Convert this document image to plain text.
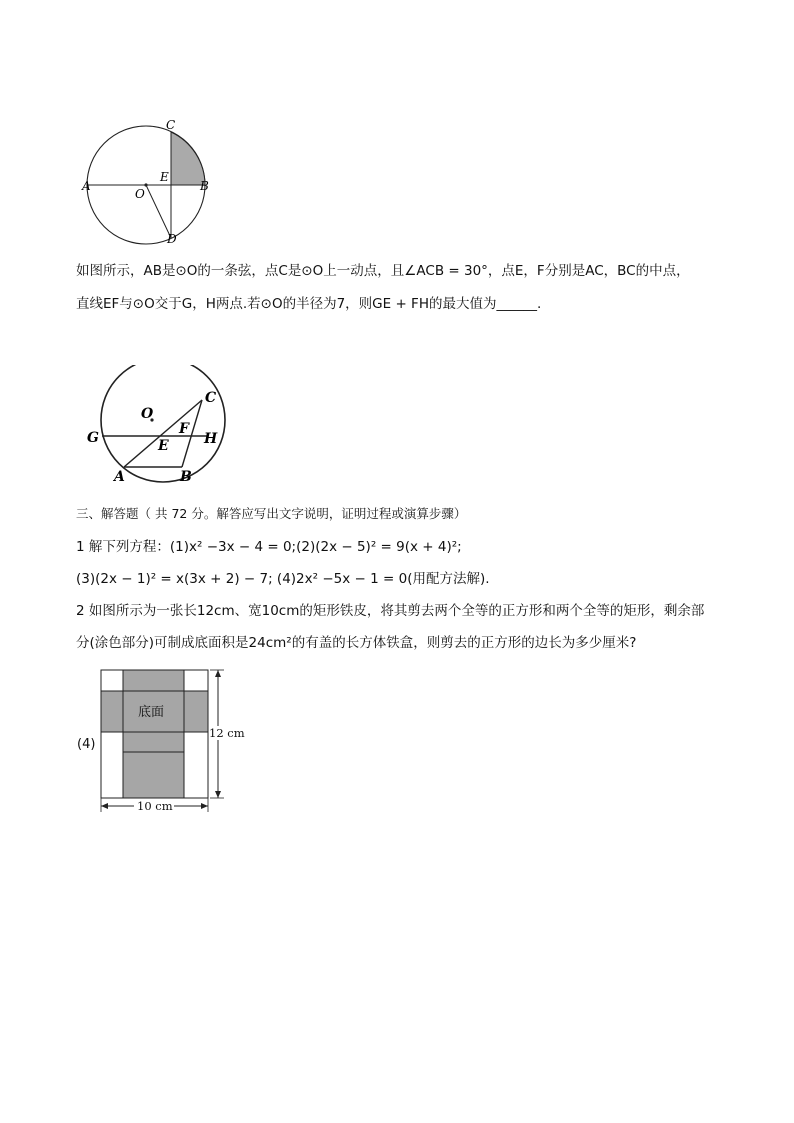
A	B
C
D
E
O
如图所示，AB是⊙O的一条弦，点C是⊙O上一动点，且∠ACB = 30°，点E，F分别是AC，BC的中点，
直线EF与⊙O交于G，H两点.若⊙O的半径为7，则GE + FH的最大值为______.
O
C
G	E
F
H
A	B
三、解答题（ 共 72 分。解答应写出文字说明，证明过程或演算步骤）
1 解下列方程：(1)x² −3x − 4 = 0;(2)(2x − 5)² = 9(x + 4)²;
(3)(2x − 1)² = x(3x + 2) − 7; (4)2x² −5x − 1 = 0(用配方法解).
2 如图所示为一张长12cm、宽10cm的矩形铁皮，将其剪去两个全等的正方形和两个全等的矩形，剩余部
分(涂色部分)可制成底面积是24cm²的有盖的长方体铁盒，则剪去的正方形的边长为多少厘米?
(4)
底面
12 cm
10 cm
